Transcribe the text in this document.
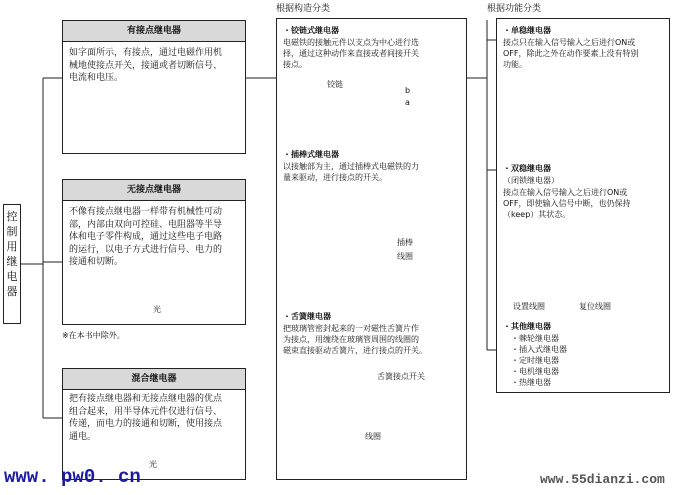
控制用继电器
根据构造分类	根据功能分类
有接点继电器
如字面所示，有接点，通过电磁作用机
械地使接点开关，接通或者切断信号、
电流和电压。
无接点继电器
不像有接点继电器一样带有机械性可动
部，内部由双向可控硅、电阻器等半导
体和电子零件构成，通过这些电子电路
的运行，以电子方式进行信号、电力的
接通和切断。
光
※在本书中除外。
混合继电器
把有接点继电器和无接点继电器的优点
组合起来，用半导体元件仅进行信号、
传递，而电力的接通和切断，使用接点
通电。
光
・铰链式继电器
电磁铁的接触元件以支点为中心进行选
择，通过这种动作来直接或者间接开关
接点。
铰链
b
a
・插棒式继电器
以接触部为主，通过插棒式电磁铁的力
量来驱动，进行接点的开关。
插棒
线圈
・舌簧继电器
把玻璃管密封起来的一对磁性舌簧片作
为接点，用缠绕在玻璃管周围的线圈的
磁束直接驱动舌簧片，进行接点的开关。
舌簧接点开关
线圈
・单稳继电器
接点只在输入信号输入之后进行ON或
OFF，除此之外在动作要素上没有特别
功能。
・双稳继电器
（闭锁继电器）
接点在输入信号输入之后进行ON或
OFF，即使输入信号中断，也仍保持
（keep）其状态。
设置线圈	复位线圈
・其他继电器
・棘轮继电器
・插入式继电器
・定时继电器
・电机继电器
・热继电器
www. pw0. cn	www.55dianzi.com
